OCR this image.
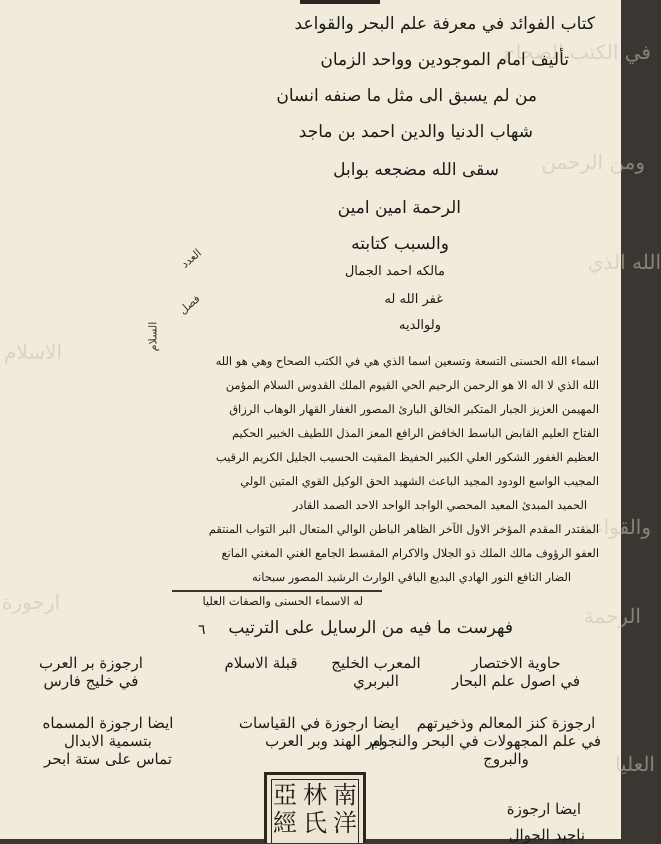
في الكتب الصحاح
ومن الرحمن
الله الذي
والقواعد
الرحمة
العليا
الاسلام
ارجوزة
كتاب الفوائد في معرفة علم البحر والقواعد
تأليف امام الموجودين وواحد الزمان
من لم يسبق الى مثل ما صنفه انسان
شهاب الدنيا والدين احمد بن ماجد
سقى الله مضجعه بوابل
الرحمة امين امين
والسبب كتابته
مالكه احمد الجمال
غفر الله له
ولوالديه
العدد
فصل
السلام
اسماء الله الحسنى التسعة وتسعين اسما الذي هي في الكتب الصحاح وهي هو الله
الله الذي لا اله الا هو الرحمن الرحيم الحي القيوم الملك القدوس السلام المؤمن
المهيمن العزيز الجبار المتكبر الخالق البارئ المصور الغفار القهار الوهاب الرزاق
الفتاح العليم القابض الباسط الخافض الرافع المعز المذل اللطيف الخبير الحكيم
العظيم الغفور الشكور العلي الكبير الحفيظ المقيت الحسيب الجليل الكريم الرقيب
المجيب الواسع الودود المجيد الباعث الشهيد الحق الوكيل القوي المتين الولي
الحميد المبدئ المعيد المحصي الواجد الواحد الاحد الصمد القادر
المقتدر المقدم المؤخر الاول الآخر الظاهر الباطن الوالي المتعال البر التواب المنتقم
العفو الرؤوف مالك الملك ذو الجلال والاكرام المقسط الجامع الغني المغني المانع
الضار النافع النور الهادي البديع الباقي الوارث الرشيد المصور سبحانه
له الاسماء الحسنى والصفات العليا
فهرست ما فيه من الرسايل على الترتيب
٦
حاوية الاختصار
في اصول علم البحار
المعرب الخليج
البربري
قبلة الاسلام
ارجوزة بر العرب
في خليج فارس
ارجوزة كنز المعالم وذخيرتهم
في علم المجهولات في البحر والنجوم
والبروج
ايضا ارجوزة في القياسات
لبر الهند وبر العرب
ايضا ارجوزة المسماه
بتسمية الابدال
تماس على ستة ابحر
ايضا ارجوزة
ناجيد الجوال
南
洋
林
氏
亞
經
